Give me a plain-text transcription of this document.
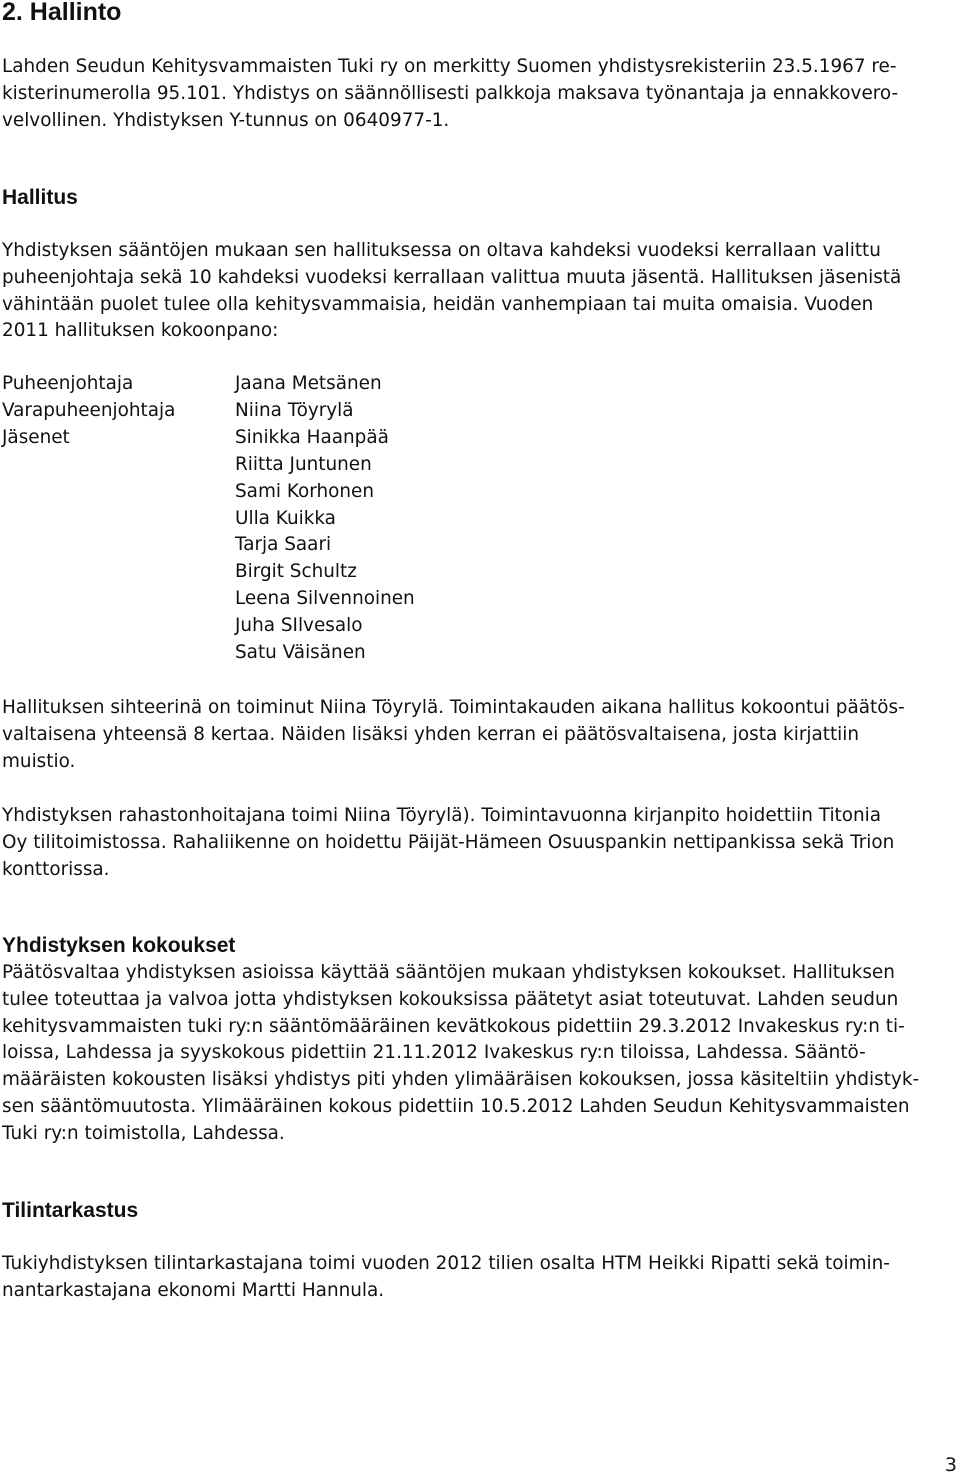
2. Hallinto

Lahden Seudun Kehitysvammaisten Tuki ry on merkitty Suomen yhdistysrekisteriin 23.5.1967 re-
kisterinumerolla 95.101. Yhdistys on säännöllisesti palkkoja maksava työnantaja ja ennakkovero-
velvollinen. Yhdistyksen Y-tunnus on 0640977-1.

Hallitus

Yhdistyksen sääntöjen mukaan sen hallituksessa on oltava kahdeksi vuodeksi kerrallaan valittu
puheenjohtaja sekä 10 kahdeksi vuodeksi kerrallaan valittua muuta jäsentä. Hallituksen jäsenistä
vähintään puolet tulee olla kehitysvammaisia, heidän vanhempiaan tai muita omaisia. Vuoden
2011 hallituksen kokoonpano:

Puheenjohtaja
Varapuheenjohtaja
Jäsenet
Jaana Metsänen
Niina Töyrylä
Sinikka Haanpää
Riitta Juntunen
Sami Korhonen
Ulla Kuikka
Tarja Saari
Birgit Schultz
Leena Silvennoinen
Juha SIlvesalo
Satu Väisänen

Hallituksen sihteerinä on toiminut Niina Töyrylä. Toimintakauden aikana hallitus kokoontui päätös-
valtaisena yhteensä 8 kertaa. Näiden lisäksi yhden kerran ei päätösvaltaisena, josta kirjattiin
muistio.

Yhdistyksen rahastonhoitajana toimi Niina Töyrylä). Toimintavuonna kirjanpito hoidettiin Titonia
Oy tilitoimistossa. Rahaliikenne on hoidettu Päijät-Hämeen Osuuspankin nettipankissa sekä Trion
konttorissa.

Yhdistyksen kokoukset

Päätösvaltaa yhdistyksen asioissa käyttää sääntöjen mukaan yhdistyksen kokoukset. Hallituksen
tulee toteuttaa ja valvoa jotta yhdistyksen kokouksissa päätetyt asiat toteutuvat. Lahden seudun
kehitysvammaisten tuki ry:n sääntömääräinen kevätkokous pidettiin 29.3.2012 Invakeskus ry:n ti-
loissa, Lahdessa ja syyskokous pidettiin 21.11.2012 Ivakeskus ry:n tiloissa, Lahdessa. Sääntö-
määräisten kokousten lisäksi yhdistys piti yhden ylimääräisen kokouksen, jossa käsiteltiin yhdistyk-
sen sääntömuutosta. Ylimääräinen kokous pidettiin 10.5.2012 Lahden Seudun Kehitysvammaisten
Tuki ry:n toimistolla, Lahdessa.

Tilintarkastus

Tukiyhdistyksen tilintarkastajana toimi vuoden 2012 tilien osalta HTM Heikki Ripatti sekä toimin-
nantarkastajana ekonomi Martti Hannula.

3
